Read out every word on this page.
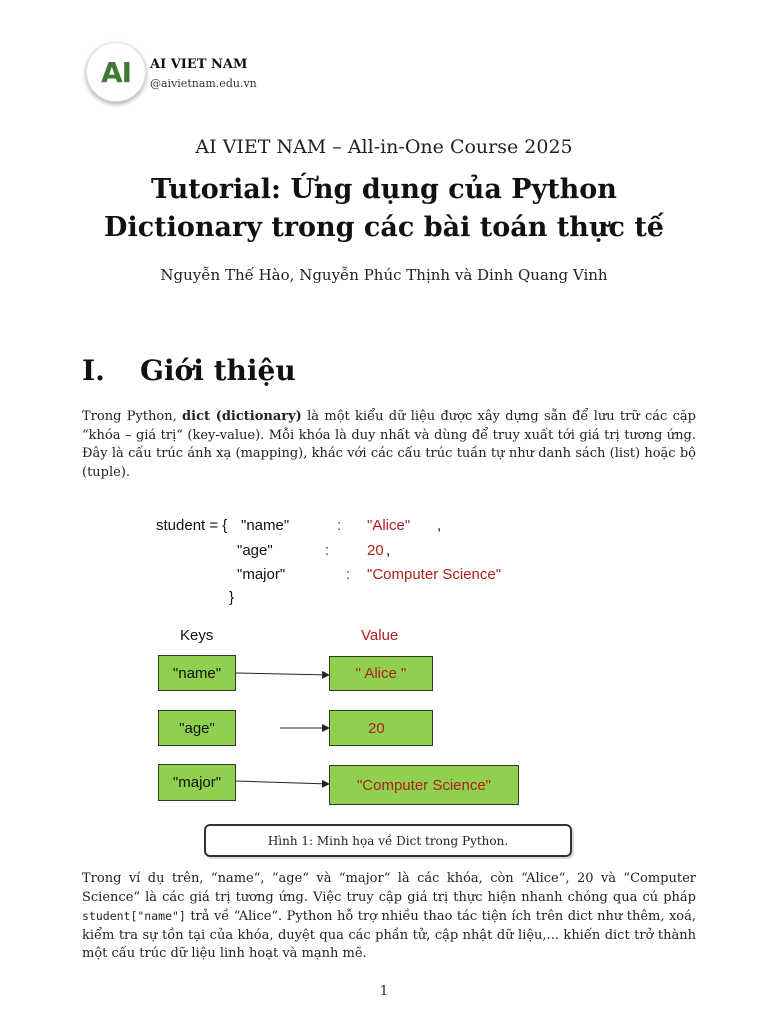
AI AI VIET NAM
@aivietnam.edu.vn
AI VIET NAM – All-in-One Course 2025
Tutorial: Ứng dụng của Python
Dictionary trong các bài toán thực tế
Nguyễn Thế Hào, Nguyễn Phúc Thịnh và Dinh Quang Vinh
I. Giới thiệu
Trong Python, dict (dictionary) là một kiểu dữ liệu được xây dựng sẵn để lưu trữ các cặp “khóa – giá trị“ (key-value). Mỗi khóa là duy nhất và dùng để truy xuất tới giá trị tương ứng. Đây là cấu trúc ánh xạ (mapping), khác với các cấu trúc tuần tự như danh sách (list) hoặc bộ (tuple).
student = { "name"	: "Alice" ,
"age"	:	20 ,
"major"	: "Computer Science"
}
Keys	Value
"name"
"age"
"major"
" Alice "
20
"Computer Science"
Hình 1: Minh họa về Dict trong Python.
Trong ví dụ trên, “name“, “age“ và “major“ là các khóa, còn “Alice“, 20 và “Computer Science“ là các giá trị tương ứng. Việc truy cập giá trị thực hiện nhanh chóng qua cú pháp student["name"] trả về “Alice“. Python hỗ trợ nhiều thao tác tiện ích trên dict như thêm, xoá, kiểm tra sự tồn tại của khóa, duyệt qua các phần tử, cập nhật dữ liệu,... khiến dict trở thành một cấu trúc dữ liệu linh hoạt và mạnh mẽ.
1
